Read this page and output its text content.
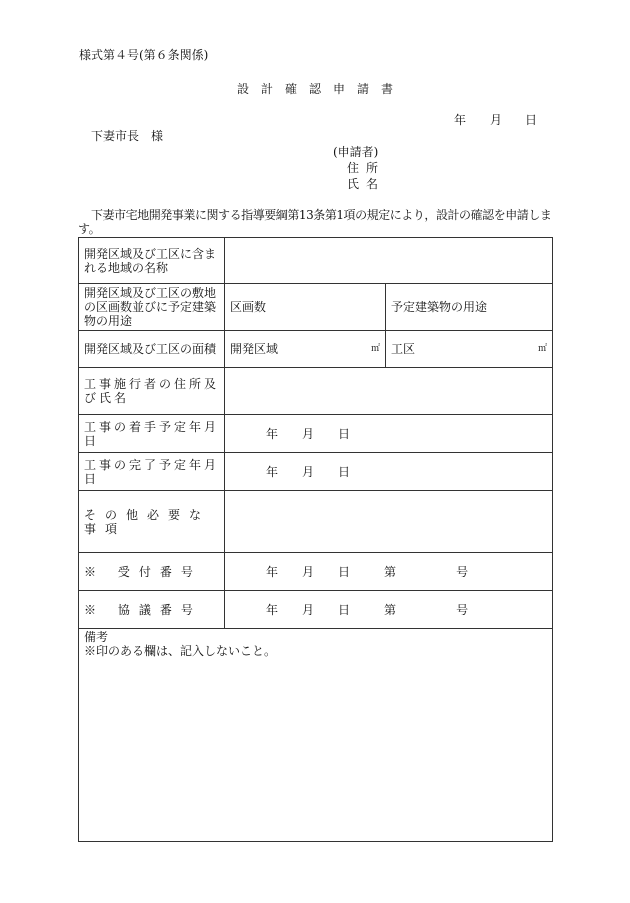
様式第４号(第６条関係)
設計確認申請書
年 月 日
下妻市長　様
(申請者)
住所
氏名
下妻市宅地開発事業に関する指導要綱第13条第1項の規定により，設計の確認を申請します。
開発区域及び工区に含まれる地域の名称		
開発区域及び工区の敷地の区画数並びに予定建築物の用途	区画数	予定建築物の用途
開発区域及び工区の面積	開発区域 ㎡	工区 ㎡

工事施行者の住所及び氏名		
工事の着手予定年月日	年 月 日	
工事の完了予定年月日	年 月 日	
その他必要な事項		
※ 受付番号	年 月 日 第 号	
※ 協議番号	年 月 日 第 号	

備考
※印のある欄は、記入しないこと。		
